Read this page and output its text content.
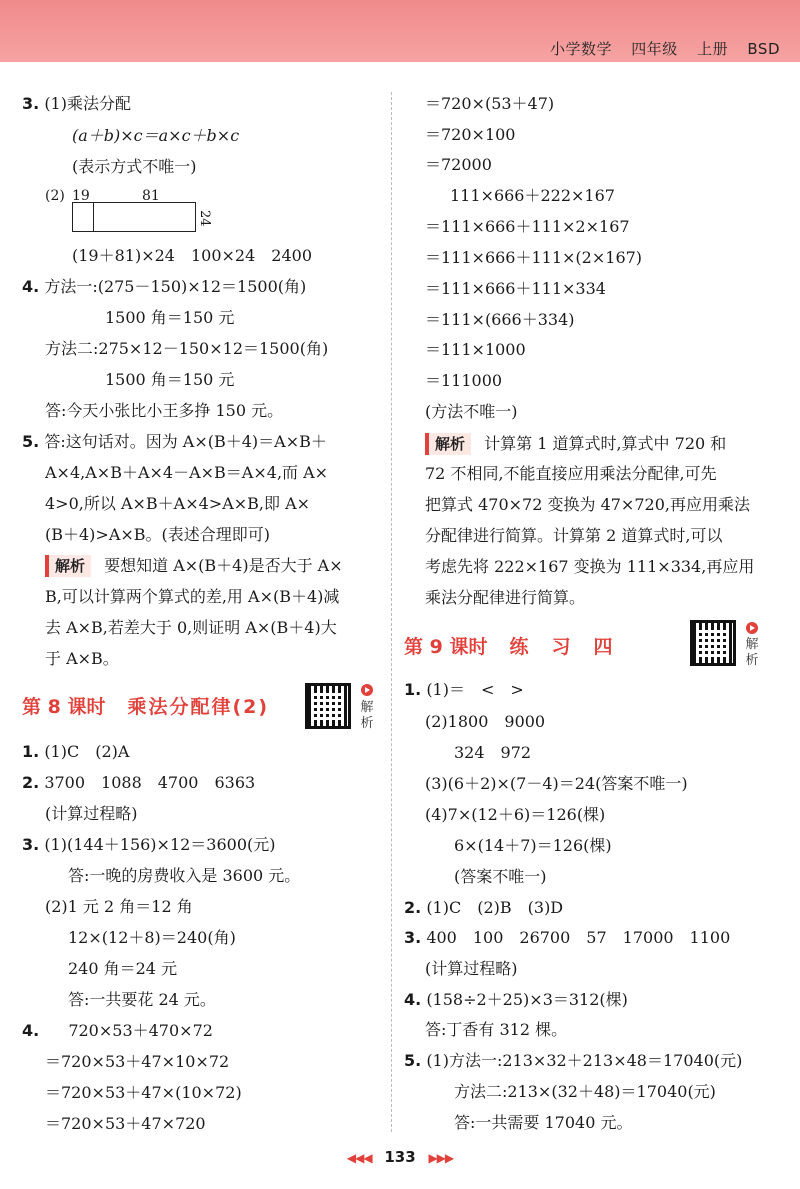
小学数学 四年级 上册 BSD
3. (1)乘法分配
(a＋b)×c＝a×c＋b×c
(表示方式不唯一)
(2) 19	81
24
(19＋81)×24　100×24　2400
4. 方法一:(275－150)×12＝1500(角)
1500 角＝150 元
方法二:275×12－150×12＝1500(角)
1500 角＝150 元
答:今天小张比小王多挣 150 元。
5. 答:这句话对。因为 A×(B＋4)＝A×B＋
A×4,A×B＋A×4－A×B＝A×4,而 A×
4>0,所以 A×B＋A×4>A×B,即 A×
(B＋4)>A×B。(表述合理即可)
解析 要想知道 A×(B＋4)是否大于 A×
B,可以计算两个算式的差,用 A×(B＋4)减
去 A×B,若差大于 0,则证明 A×(B＋4)大
于 A×B。
第 8 课时 乘法分配律(2)	解
析
1. (1)C　(2)A
2. 3700　1088　4700　6363
(计算过程略)
3. (1)(144＋156)×12＝3600(元)
答:一晚的房费收入是 3600 元。
(2)1 元 2 角＝12 角
12×(12＋8)＝240(角)
240 角＝24 元
答:一共要花 24 元。
4. 720×53＋470×72
＝720×53＋47×10×72
＝720×53＋47×(10×72)
＝720×53＋47×720
＝720×(53＋47)
＝720×100
＝72000
111×666＋222×167
＝111×666＋111×2×167
＝111×666＋111×(2×167)
＝111×666＋111×334
＝111×(666＋334)
＝111×1000
＝111000
(方法不唯一)
解析 计算第 1 道算式时,算式中 720 和
72 不相同,不能直接应用乘法分配律,可先
把算式 470×72 变换为 47×720,再应用乘法
分配律进行简算。计算第 2 道算式时,可以
考虑先将 222×167 变换为 111×334,再应用
乘法分配律进行简算。
第 9 课时 练　习　四	解
析
1. (1)＝　<　>
(2)1800　9000
324　972
(3)(6＋2)×(7－4)＝24(答案不唯一)
(4)7×(12＋6)＝126(棵)
6×(14＋7)＝126(棵)
(答案不唯一)
2. (1)C　(2)B　(3)D
3. 400　100　26700　57　17000　1100
(计算过程略)
4. (158÷2＋25)×3＝312(棵)
答:丁香有 312 棵。
5. (1)方法一:213×32＋213×48＝17040(元)
方法二:213×(32＋48)＝17040(元)
答:一共需要 17040 元。
◀◀◀ 133 ▶▶▶
